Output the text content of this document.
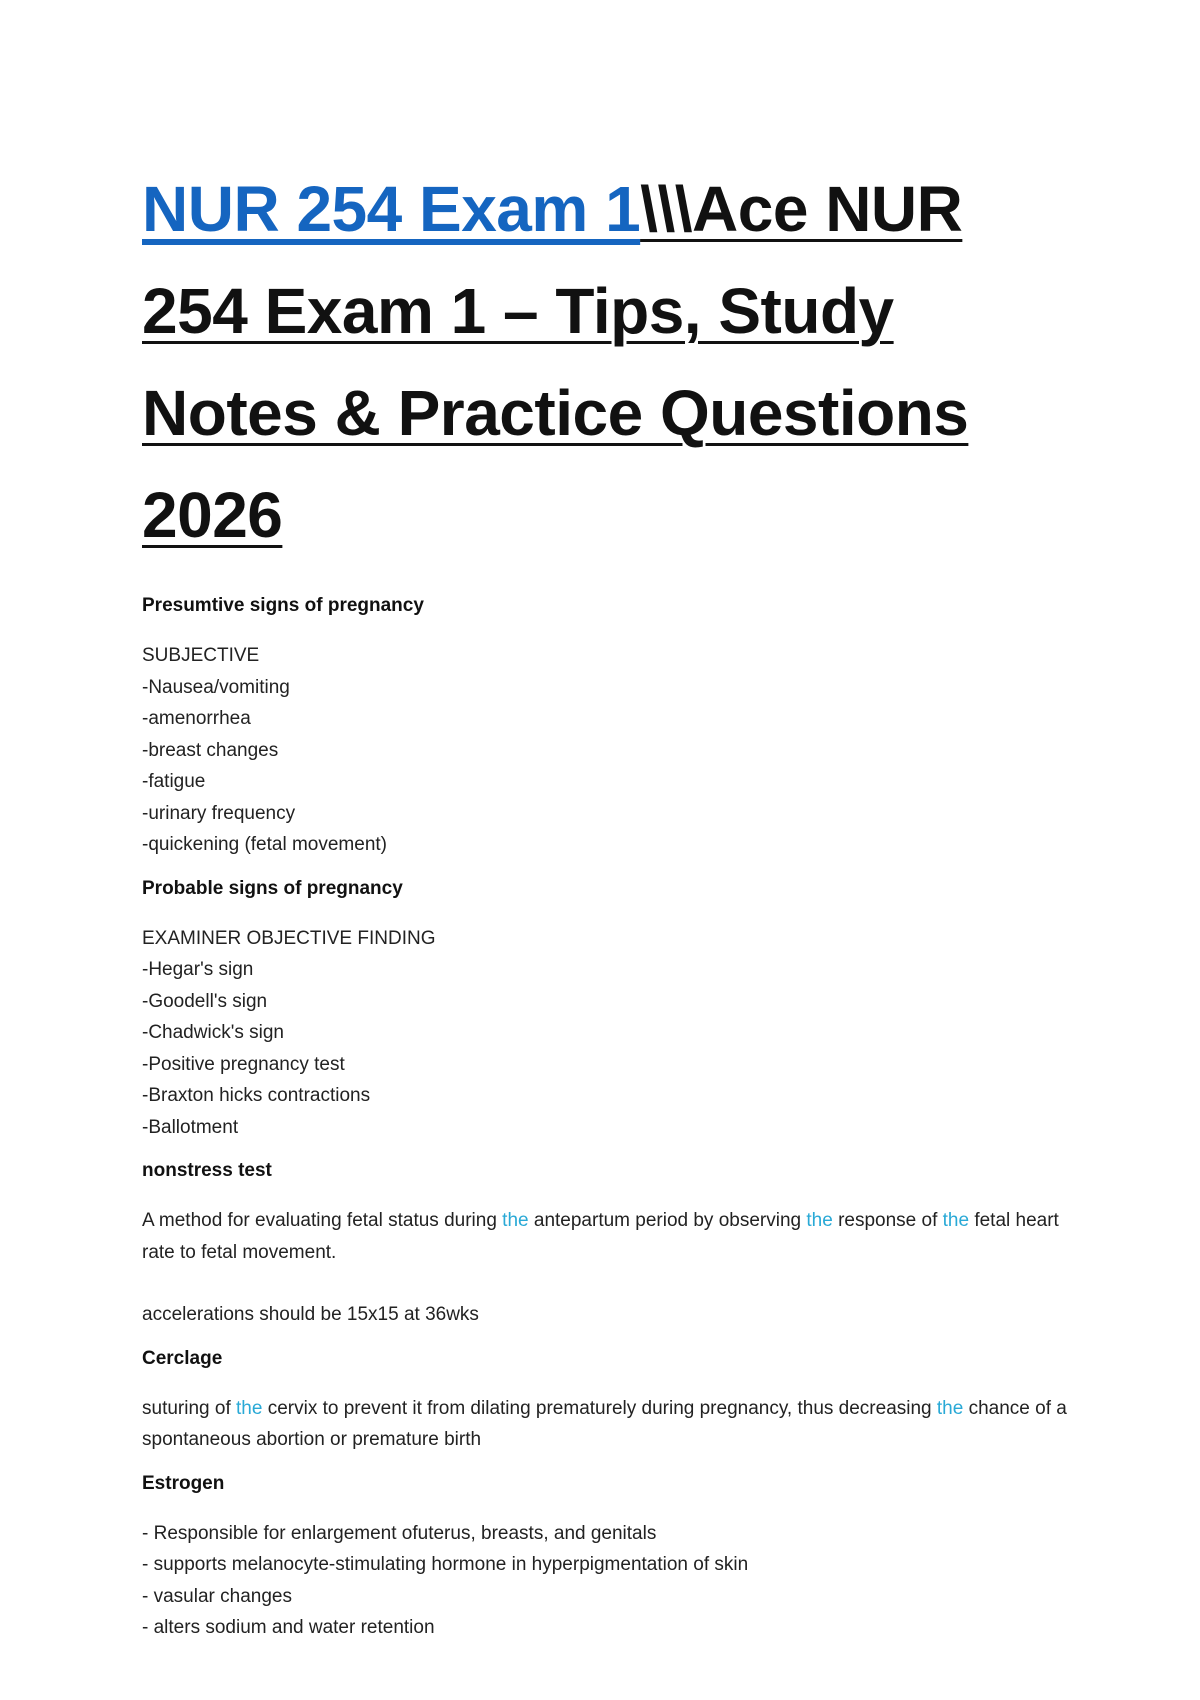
NUR 254 Exam 1\\\Ace NUR 254 Exam 1 – Tips, Study Notes & Practice Questions 2026

Presumtive signs of pregnancy

SUBJECTIVE

-Nausea/vomiting

-amenorrhea

-breast changes

-fatigue

-urinary frequency

-quickening (fetal movement)

Probable signs of pregnancy

EXAMINER OBJECTIVE FINDING

-Hegar's sign

-Goodell's sign

-Chadwick's sign

-Positive pregnancy test

-Braxton hicks contractions

-Ballotment

nonstress test

A method for evaluating fetal status during the antepartum period by observing the response of the fetal heart rate to fetal movement.

accelerations should be 15x15 at 36wks

Cerclage

suturing of the cervix to prevent it from dilating prematurely during pregnancy, thus decreasing the chance of a spontaneous abortion or premature birth

Estrogen

- Responsible for enlargement ofuterus, breasts, and genitals

- supports melanocyte-stimulating hormone in hyperpigmentation of skin

- vasular changes

- alters sodium and water retention
